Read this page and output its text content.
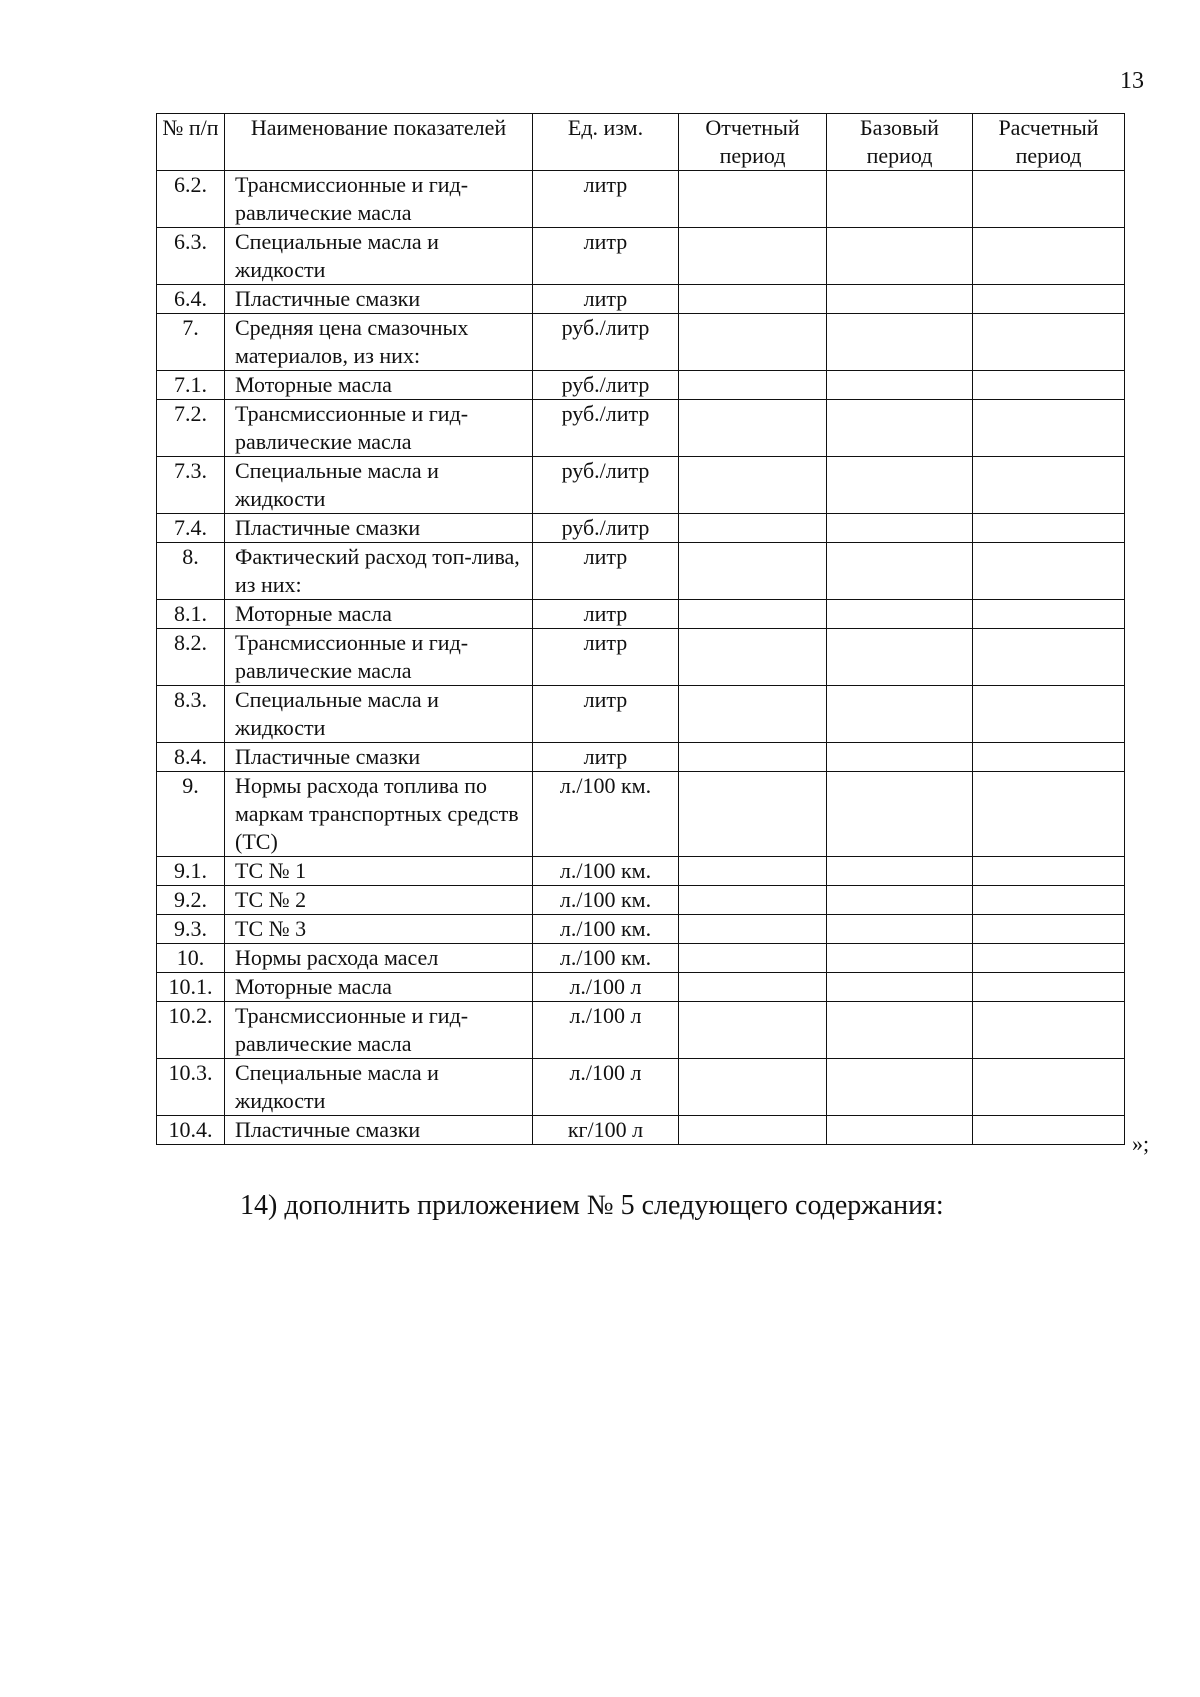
13
№ п/п	Наименование показателей	Ед. изм.	Отчетный период	Базовый период	Расчетный период
6.2.	Трансмиссионные и гид-равлические масла	литр			
6.3.	Специальные масла и жидкости	литр			
6.4.	Пластичные смазки	литр			
7.	Средняя цена смазочных материалов, из них:	руб./литр			
7.1.	Моторные масла	руб./литр			
7.2.	Трансмиссионные и гид-равлические масла	руб./литр			
7.3.	Специальные масла и жидкости	руб./литр			
7.4.	Пластичные смазки	руб./литр			
8.	Фактический расход топ-лива, из них:	литр			
8.1.	Моторные масла	литр			
8.2.	Трансмиссионные и гид-равлические масла	литр			
8.3.	Специальные масла и жидкости	литр			
8.4.	Пластичные смазки	литр			
9.	Нормы расхода топлива по маркам транспортных средств (ТС)	л./100 км.			
9.1.	ТС № 1	л./100 км.			
9.2.	ТС № 2	л./100 км.			
9.3.	ТС № 3	л./100 км.			
10.	Нормы расхода масел	л./100 км.			
10.1.	Моторные масла	л./100 л			
10.2.	Трансмиссионные и гид-равлические масла	л./100 л			
10.3.	Специальные масла и жидкости	л./100 л			
10.4.	Пластичные смазки	кг/100 л			
»;
14) дополнить приложением № 5 следующего содержания:
